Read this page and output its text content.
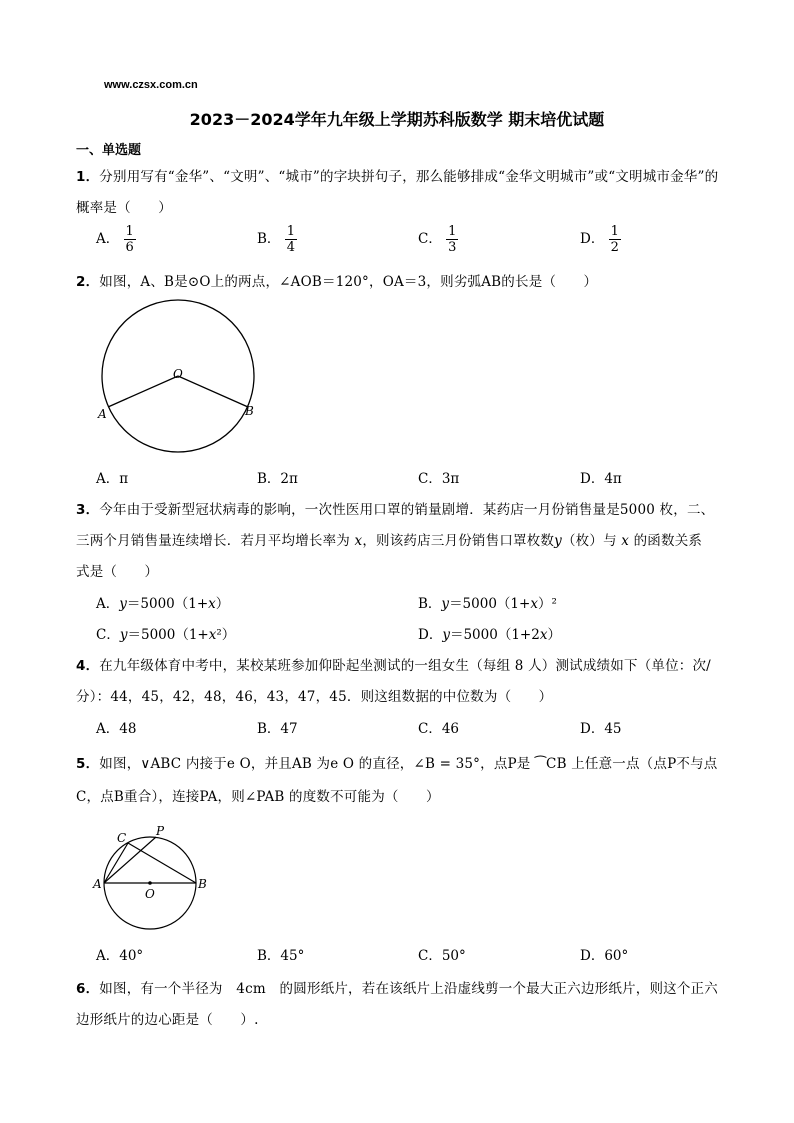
www.czsx.com.cn
2023－2024学年九年级上学期苏科版数学 期末培优试题
一、单选题
1．分别用写有“金华”、“文明”、“城市”的字块拼句子，那么能够排成“金华文明城市”或“文明城市金华”的
概率是（　　）
A． $\frac{1}{6}$	B． $\frac{1}{4}$	C． $\frac{1}{3}$	D． $\frac{1}{2}$
2．如图，A、B是⊙O上的两点，∠AOB＝120°，OA＝3，则劣弧AB的长是（　　）
O
A	B
A．π	B．2π	C．3π	D．4π
3．今年由于受新型冠状病毒的影响，一次性医用口罩的销量剧增．某药店一月份销售量是5000 枚，二、
三两个月销售量连续增长．若月平均增长率为 x，则该药店三月份销售口罩枚数y（枚）与 x 的函数关系
式是（　　）
A．y＝5000（1+x）	B．y＝5000（1+x）²
C．y＝5000（1+x²）	D．y＝5000（1+2x）
4．在九年级体育中考中，某校某班参加仰卧起坐测试的一组女生（每组 8 人）测试成绩如下（单位：次/
分）：44，45，42，48，46，43，47，45．则这组数据的中位数为（　　）
A．48	B．47	C．46	D．45
5．如图，∨ABC 内接于e O，并且AB 为e O 的直径，∠B = 35°，点P是 ⁀CB 上任意一点（点P不与点
C，点B重合），连接PA，则∠PAB 的度数不可能为（　　）
C P
A	B
O
A．40°	B．45°	C．50°	D．60°
6．如图，有一个半径为　4cm　的圆形纸片，若在该纸片上沿虚线剪一个最大正六边形纸片，则这个正六
边形纸片的边心距是（　　）.
